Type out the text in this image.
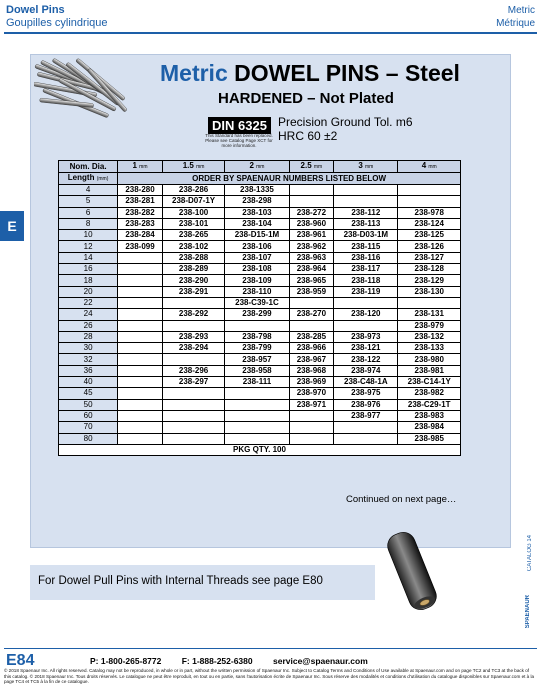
Dowel Pins
Goupilles cylindrique
Metric
Métrique
E
Metric DOWEL PINS – Steel
HARDENED – Not Plated
DIN 6325
This Standard has been replaced. Please see Catalog Page XCT for more information.
Precision Ground Tol. m6
HRC 60 ±2
Nom. Dia.	1 mm	1.5 mm	2 mm	2.5 mm	3 mm	4 mm
Length (mm)	ORDER BY SPAENAUR NUMBERS LISTED BELOW					
4	238-280	238-286	238-1335			
5	238-281	238-D07-1Y	238-298			
6	238-282	238-100	238-103	238-272	238-112	238-978
8	238-283	238-101	238-104	238-960	238-113	238-124
10	238-284	238-265	238-D15-1M	238-961	238-D03-1M	238-125
12	238-099	238-102	238-106	238-962	238-115	238-126
14		238-288	238-107	238-963	238-116	238-127
16		238-289	238-108	238-964	238-117	238-128
18		238-290	238-109	238-965	238-118	238-129
20		238-291	238-110	238-959	238-119	238-130
22			238-C39-1C			
24		238-292	238-299	238-270	238-120	238-131
26						238-979
28		238-293	238-798	238-285	238-973	238-132
30		238-294	238-799	238-966	238-121	238-133
32			238-957	238-967	238-122	238-980
36		238-296	238-958	238-968	238-974	238-981
40		238-297	238-111	238-969	238-C48-1A	238-C14-1Y
45				238-970	238-975	238-982
50				238-971	238-976	238-C29-1T
60					238-977	238-983
70						238-984
80						238-985
PKG QTY. 100						
Continued on next page…
For Dowel Pull Pins with Internal Threads see page E80
CATALOG 14
SPAENAUR
E84	P: 1-800-265-8772 F: 1-888-252-6380 service@spaenaur.com
© 2018 Spaenaur Inc. All rights reserved. Catalog may not be reproduced, in whole or in part, without the written permission of Spaenaur Inc. Subject to Catalog Terms and Conditions of Use available at Spaenaur.com and on page TC2 and TC3 at the back of this catalog. © 2018 Spaenaur Inc. Tous droits réservés. Le catalogue ne peut être reproduit, en tout ou en partie, sans l'autorisation écrite de Spaenaur Inc. Sous réserve des modalités et conditions d'utilisation du catalogue disponibles sur Spaenaur.com et à la page TC4 et TC5 à la fin de ce catalogue.
